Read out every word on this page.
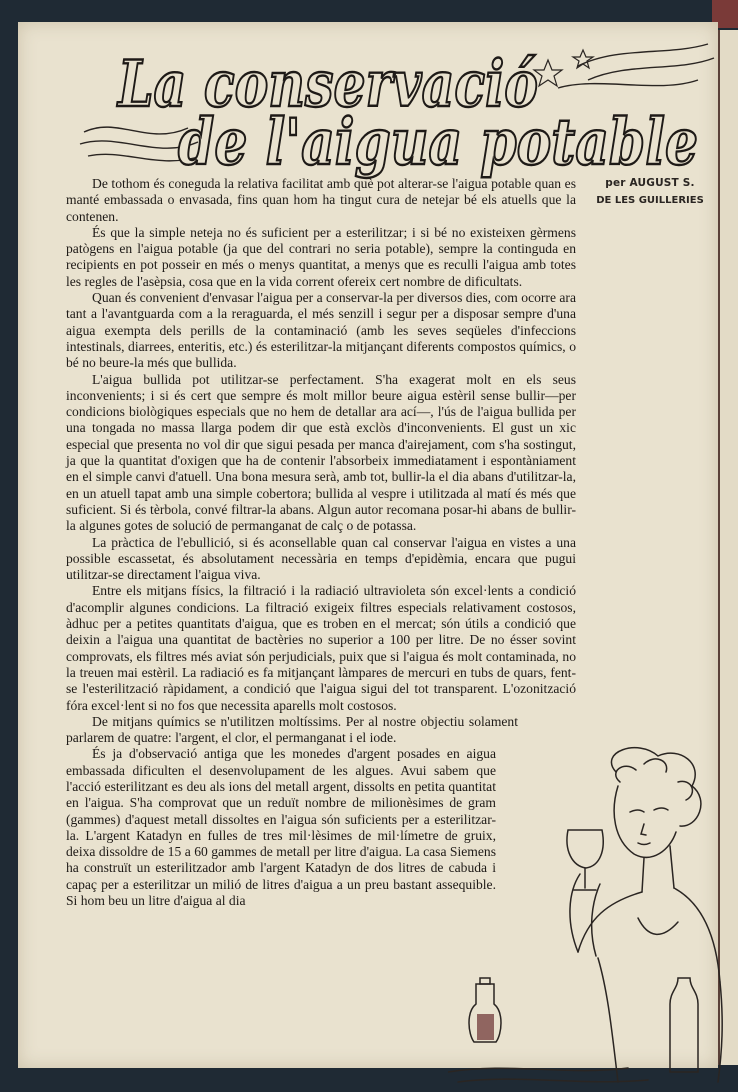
La conservació
de l'aigua potable
per AUGUST S.
DE LES GUILLERIES

De tothom és coneguda la relativa facilitat amb què pot alterar-se l'aigua potable quan es manté embassada o envasada, fins quan hom ha tingut cura de netejar bé els atuells que la contenen.

És que la simple neteja no és suficient per a esterilitzar; i si bé no existeixen gèrmens patògens en l'aigua potable (ja que del contrari no seria potable), sempre la continguda en recipients en pot posseir en més o menys quantitat, a menys que es reculli l'aigua amb totes les regles de l'asèpsia, cosa que en la vida corrent ofereix cert nombre de dificultats.

Quan és convenient d'envasar l'aigua per a conservar-la per diversos dies, com ocorre ara tant a l'avantguarda com a la reraguarda, el més senzill i segur per a disposar sempre d'una aigua exempta dels perills de la contaminació (amb les seves seqüeles d'infeccions intestinals, diarrees, enteritis, etc.) és esterilitzar-la mitjançant diferents compostos químics, o bé no beure-la més que bullida.

L'aigua bullida pot utilitzar-se perfectament. S'ha exagerat molt en els seus inconvenients; i si és cert que sempre és molt millor beure aigua estèril sense bullir—per condicions biològiques especials que no hem de detallar ara ací—, l'ús de l'aigua bullida per una tongada no massa llarga podem dir que està exclòs d'inconvenients. El gust un xic especial que presenta no vol dir que sigui pesada per manca d'airejament, com s'ha sostingut, ja que la quantitat d'oxigen que ha de contenir l'absorbeix immediatament i espontàniament en el simple canvi d'atuell. Una bona mesura serà, amb tot, bullir-la el dia abans d'utilitzar-la, en un atuell tapat amb una simple cobertora; bullida al vespre i utilitzada al matí és més que suficient. Si és tèrbola, convé filtrar-la abans. Algun autor recomana posar-hi abans de bullir-la algunes gotes de solució de permanganat de calç o de potassa.

La pràctica de l'ebullició, si és aconsellable quan cal conservar l'aigua en vistes a una possible escassetat, és absolutament necessària en temps d'epidèmia, encara que pugui utilitzar-se directament l'aigua viva.

Entre els mitjans físics, la filtració i la radiació ultravioleta són excel·lents a condició d'acomplir algunes condicions. La filtració exigeix filtres especials relativament costosos, àdhuc per a petites quantitats d'aigua, que es troben en el mercat; són útils a condició que deixin a l'aigua una quantitat de bactèries no superior a 100 per litre. De no ésser sovint comprovats, els filtres més aviat són perjudicials, puix que si l'aigua és molt contaminada, no la treuen mai estèril. La radiació es fa mitjançant làmpares de mercuri en tubs de quars, fent-se l'esterilització ràpidament, a condició que l'aigua sigui del tot transparent. L'ozonització fóra excel·lent si no fos que necessita aparells molt costosos.

De mitjans químics se n'utilitzen moltíssims. Per al nostre objectiu solament parlarem de quatre: l'argent, el clor, el permanganat i el iode.

És ja d'observació antiga que les monedes d'argent posades en aigua embassada dificulten el desenvolupament de les algues. Avui sabem que l'acció esterilitzant es deu als ions del metall argent, dissolts en petita quantitat en l'aigua. S'ha comprovat que un reduït nombre de milionèsimes de gram (gammes) d'aquest metall dissoltes en l'aigua són suficients per a esterilitzar-la. L'argent Katadyn en fulles de tres mil·lèsimes de mil·límetre de gruix, deixa dissoldre de 15 a 60 gammes de metall per litre d'aigua. La casa Siemens ha construït un esterilitzador amb l'argent Katadyn de dos litres de cabuda i capaç per a esterilitzar un milió de litres d'aigua a un preu bastant assequible. Si hom beu un litre d'aigua al dia
